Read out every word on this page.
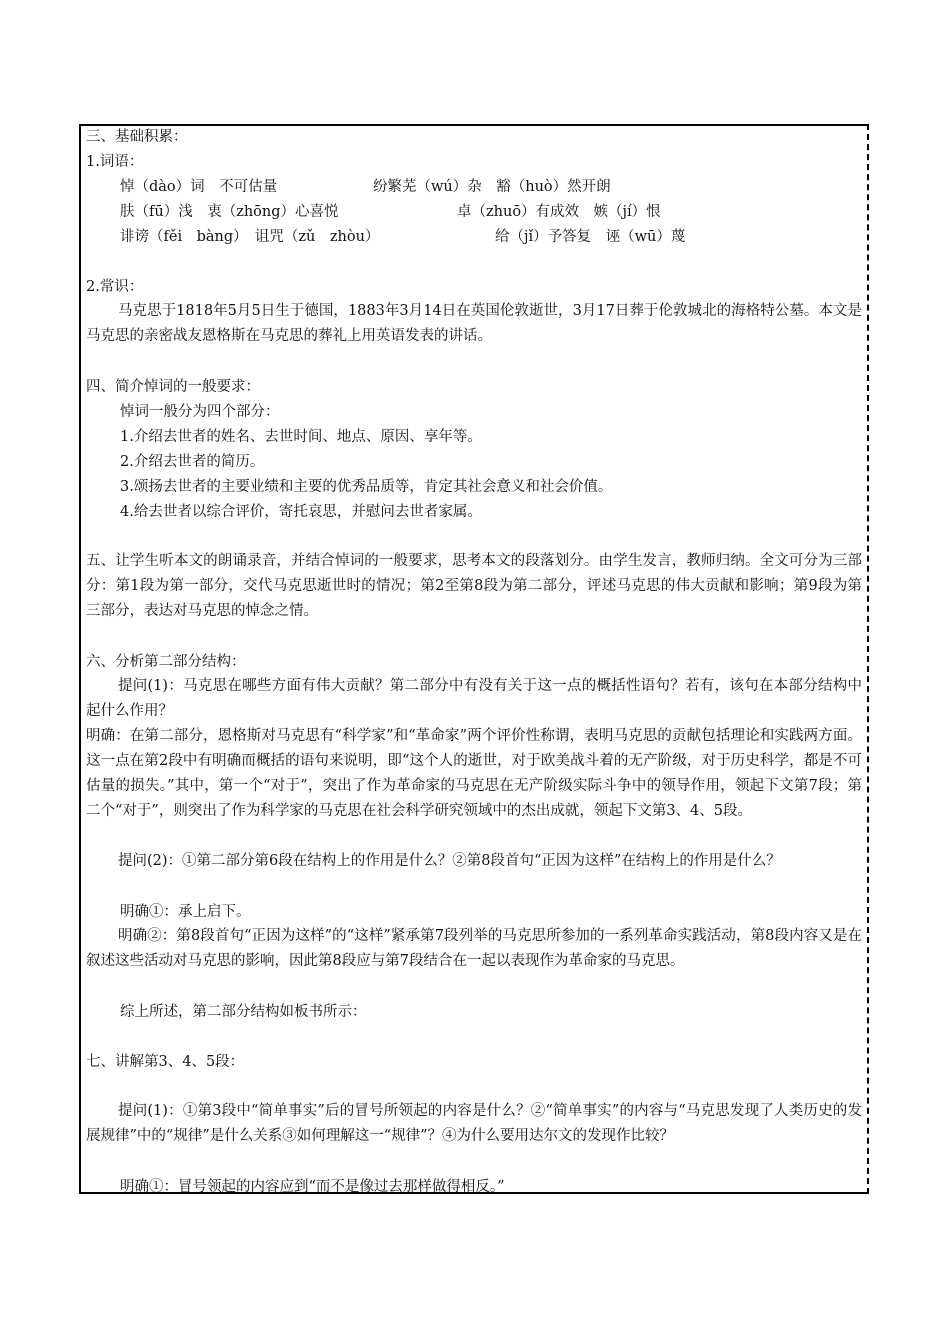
三、基础积累：
1.词语：
悼（dào）词　不可估量	纷繁芜（wú）杂　豁（huò）然开朗
肤（fū）浅　衷（zhōng）心喜悦	卓（zhuō）有成效　嫉（jí）恨
诽谤（fěi　bàng）　诅咒（zǔ　zhòu）	给（jǐ）予答复　诬（wū）蔑
2.常识：
马克思于1818年5月5日生于德国，1883年3月14日在英国伦敦逝世，3月17日葬于伦敦城北的海格特公墓。本文是马克思的亲密战友恩格斯在马克思的葬礼上用英语发表的讲话。
四、简介悼词的一般要求：
悼词一般分为四个部分：
1.介绍去世者的姓名、去世时间、地点、原因、享年等。
2.介绍去世者的简历。
3.颂扬去世者的主要业绩和主要的优秀品质等，肯定其社会意义和社会价值。
4.给去世者以综合评价，寄托哀思，并慰问去世者家属。
五、让学生听本文的朗诵录音，并结合悼词的一般要求，思考本文的段落划分。由学生发言，教师归纳。全文可分为三部分：第1段为第一部分，交代马克思逝世时的情况；第2至第8段为第二部分，评述马克思的伟大贡献和影响；第9段为第三部分，表达对马克思的悼念之情。
六、分析第二部分结构：
提问(1)：马克思在哪些方面有伟大贡献？第二部分中有没有关于这一点的概括性语句？若有，该句在本部分结构中起什么作用？
明确：在第二部分，恩格斯对马克思有“科学家”和“革命家”两个评价性称谓，表明马克思的贡献包括理论和实践两方面。这一点在第2段中有明确而概括的语句来说明，即“这个人的逝世，对于欧美战斗着的无产阶级，对于历史科学，都是不可估量的损失。”其中，第一个“对于”，突出了作为革命家的马克思在无产阶级实际斗争中的领导作用，领起下文第7段；第二个“对于”，则突出了作为科学家的马克思在社会科学研究领域中的杰出成就，领起下文第3、4、5段。
提问(2)：①第二部分第6段在结构上的作用是什么？②第8段首句“正因为这样”在结构上的作用是什么？
明确①：承上启下。
明确②：第8段首句“正因为这样”的“这样”紧承第7段列举的马克思所参加的一系列革命实践活动，第8段内容又是在叙述这些活动对马克思的影响，因此第8段应与第7段结合在一起以表现作为革命家的马克思。
综上所述，第二部分结构如板书所示：
七、讲解第3、4、5段：
提问(1)：①第3段中“简单事实”后的冒号所领起的内容是什么？②“简单事实”的内容与“马克思发现了人类历史的发展规律”中的“规律”是什么关系③如何理解这一“规律”？④为什么要用达尔文的发现作比较？
明确①：冒号领起的内容应到“而不是像过去那样做得相反。”
